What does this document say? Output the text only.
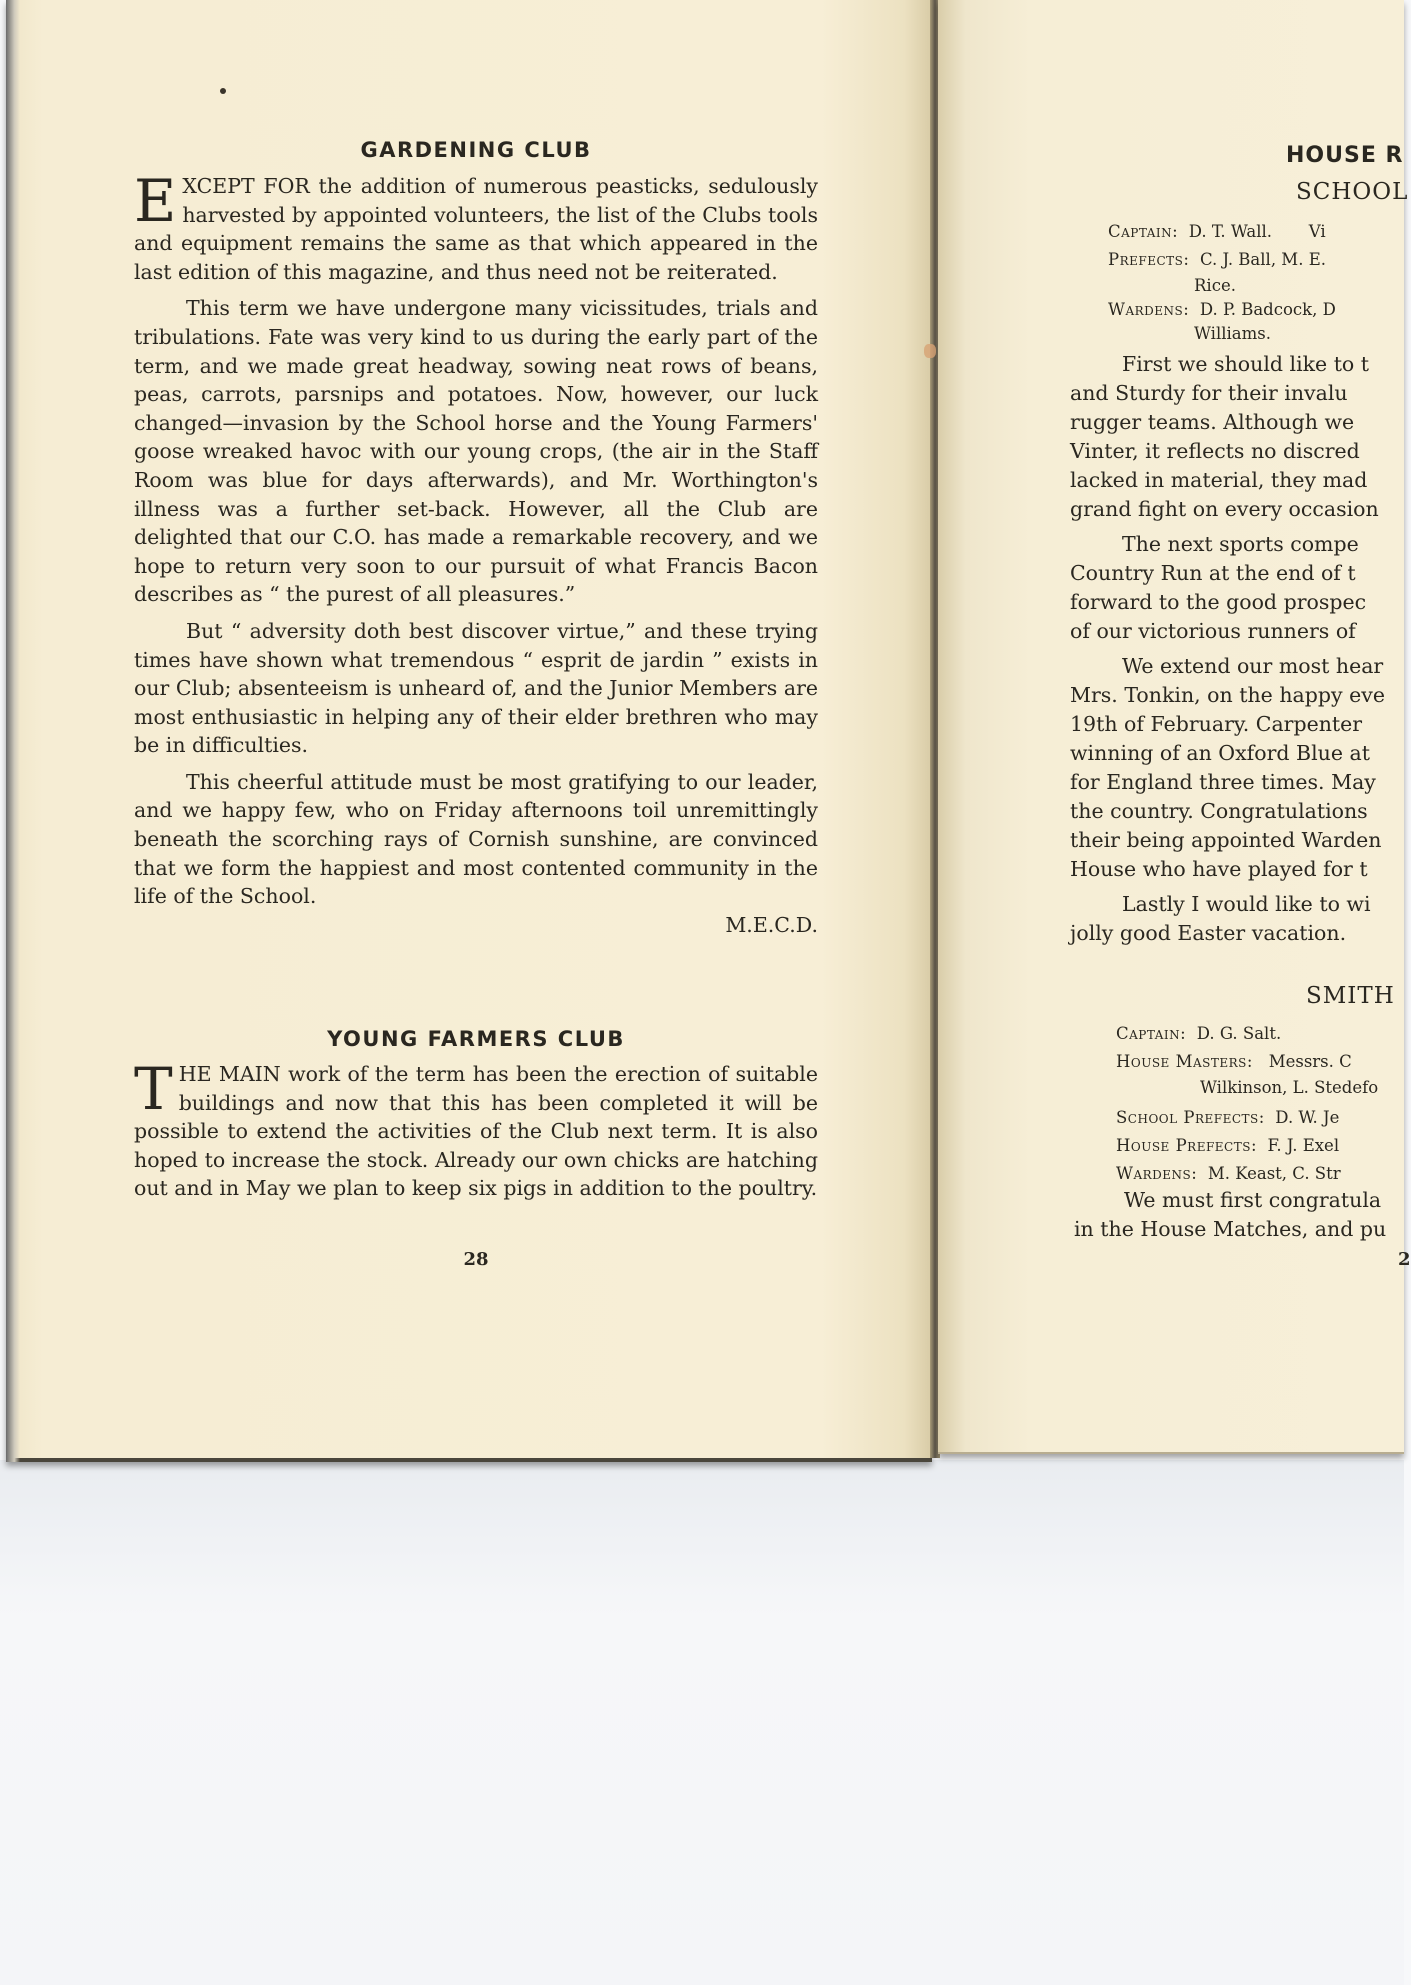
GARDENING CLUB

EXCEPT FOR the addition of numerous peasticks, sedulously harvested by appointed volunteers, the list of the Clubs tools and equipment remains the same as that which appeared in the last edition of this magazine, and thus need not be reiterated.

This term we have undergone many vicissitudes, trials and tribulations. Fate was very kind to us during the early part of the term, and we made great headway, sowing neat rows of beans, peas, carrots, parsnips and potatoes. Now, however, our luck changed—invasion by the School horse and the Young Farmers' goose wreaked havoc with our young crops, (the air in the Staff Room was blue for days afterwards), and Mr. Worthington's illness was a further set-back. However, all the Club are delighted that our C.O. has made a remarkable recovery, and we hope to return very soon to our pursuit of what Francis Bacon describes as “ the purest of all pleasures.”

But “ adversity doth best discover virtue,” and these trying times have shown what tremendous “ esprit de jardin ” exists in our Club; absenteeism is unheard of, and the Junior Members are most enthusiastic in helping any of their elder brethren who may be in difficulties.

This cheerful attitude must be most gratifying to our leader, and we happy few, who on Friday afternoons toil unremittingly beneath the scorching rays of Cornish sunshine, are convinced that we form the happiest and most contented community in the life of the School.

M.E.C.D.

YOUNG FARMERS CLUB

THE MAIN work of the term has been the erection of suitable buildings and now that this has been completed it will be possible to extend the activities of the Club next term. It is also hoped to increase the stock. Already our own chicks are hatching out and in May we plan to keep six pigs in addition to the poultry.

28
HOUSE R
SCHOOL
Captain: D. T. Wall. Vi
Prefects: C. J. Ball, M. E.
Rice.
Wardens: D. P. Badcock, D
Williams.
First we should like to t
and Sturdy for their invalu
rugger teams. Although we
Vinter, it reflects no discred
lacked in material, they mad
grand fight on every occasion
The next sports compe
Country Run at the end of t
forward to the good prospec
of our victorious runners of
We extend our most hear
Mrs. Tonkin, on the happy eve
19th of February. Carpenter
winning of an Oxford Blue at
for England three times. May
the country. Congratulations
their being appointed Warden
House who have played for t
Lastly I would like to wi
jolly good Easter vacation.
SMITH
Captain: D. G. Salt.
House Masters: Messrs. C
Wilkinson, L. Stedefo
School Prefects: D. W. Je
House Prefects: F. J. Exel
Wardens: M. Keast, C. Str
We must first congratula
in the House Matches, and pu
2
